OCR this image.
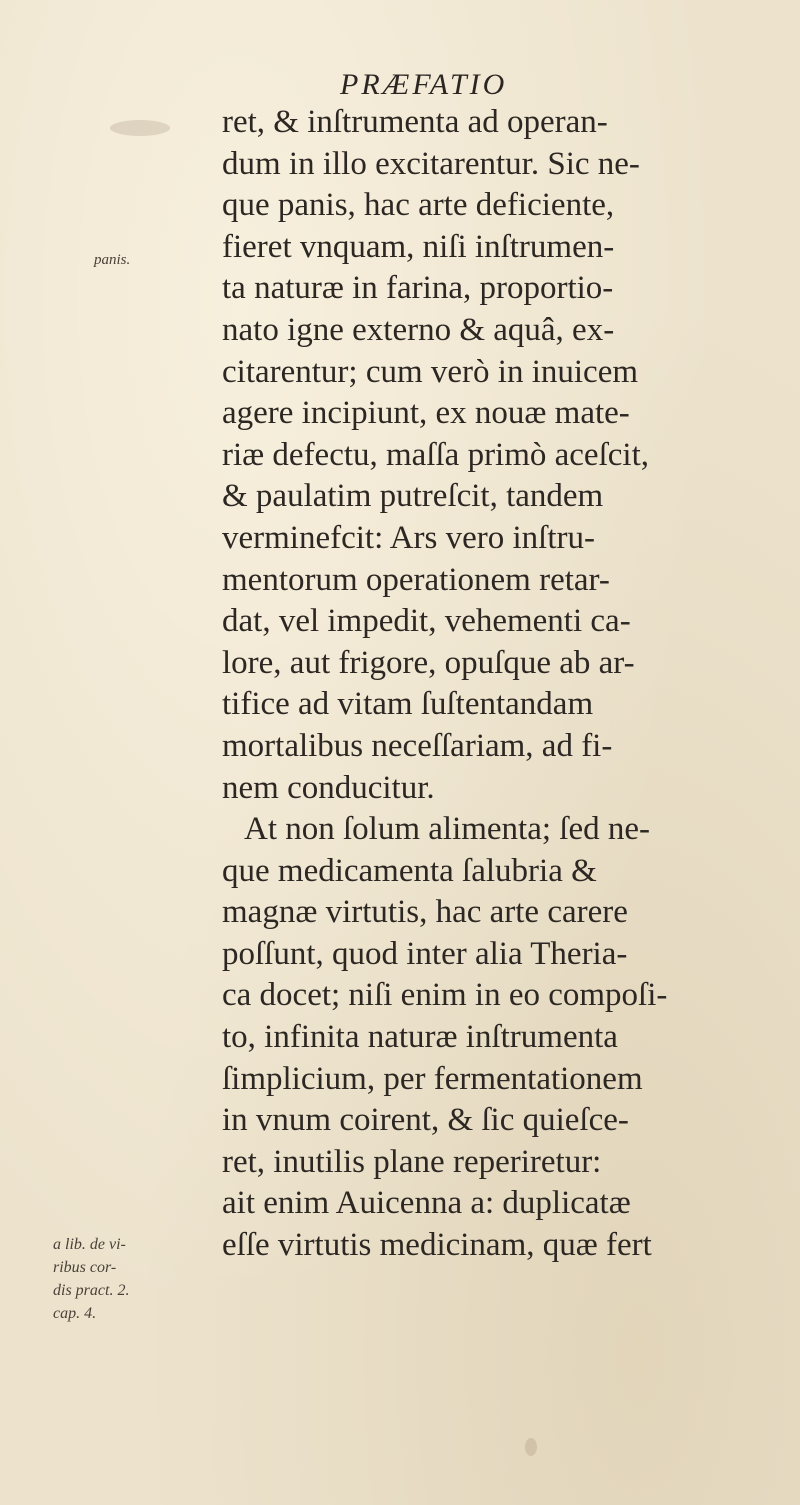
PRÆFATIO
panis.
a lib. de vi-
ribus cor-
dis pract. 2.
cap. 4.
ret, & inſtrumenta ad operan-
dum in illo excitarentur. Sic ne-
que panis, hac arte deficiente,
fieret vnquam, niſi inſtrumen-
ta naturæ in farina, proportio-
nato igne externo & aquâ, ex-
citarentur; cum verò in inuicem
agere incipiunt, ex nouæ mate-
riæ defectu, maſſa primò aceſcit,
& paulatim putreſcit, tandem
verminefcit: Ars vero inſtru-
mentorum operationem retar-
dat, vel impedit, vehementi ca-
lore, aut frigore, opuſque ab ar-
tifice ad vitam ſuſtentandam
mortalibus neceſſariam, ad fi-
nem conducitur.
At non ſolum alimenta; ſed ne-
que medicamenta ſalubria &
magnæ virtutis, hac arte carere
poſſunt, quod inter alia Theria-
ca docet; niſi enim in eo compoſi-
to, infinita naturæ inſtrumenta
ſimplicium, per fermentationem
in vnum coirent, & ſic quieſce-
ret, inutilis plane reperiretur:
ait enim Auicenna a: duplicatæ
eſſe virtutis medicinam, quæ fert
